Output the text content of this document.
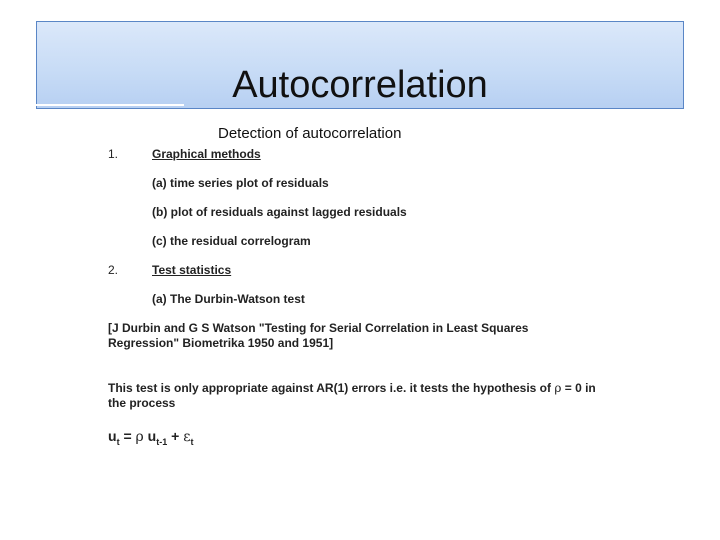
Autocorrelation
Detection of autocorrelation
1.	Graphical methods
(a) time series plot of residuals
(b) plot of residuals against lagged residuals
(c) the residual correlogram
2.	Test statistics
(a) The Durbin-Watson test
[J Durbin and G S Watson "Testing for Serial Correlation in Least Squares
Regression" Biometrika 1950 and 1951]
This test is only appropriate against AR(1) errors i.e. it tests the hypothesis of ρ = 0 in
the process
$u_t = \rho$ $u_{t-1} + \varepsilon_t$
